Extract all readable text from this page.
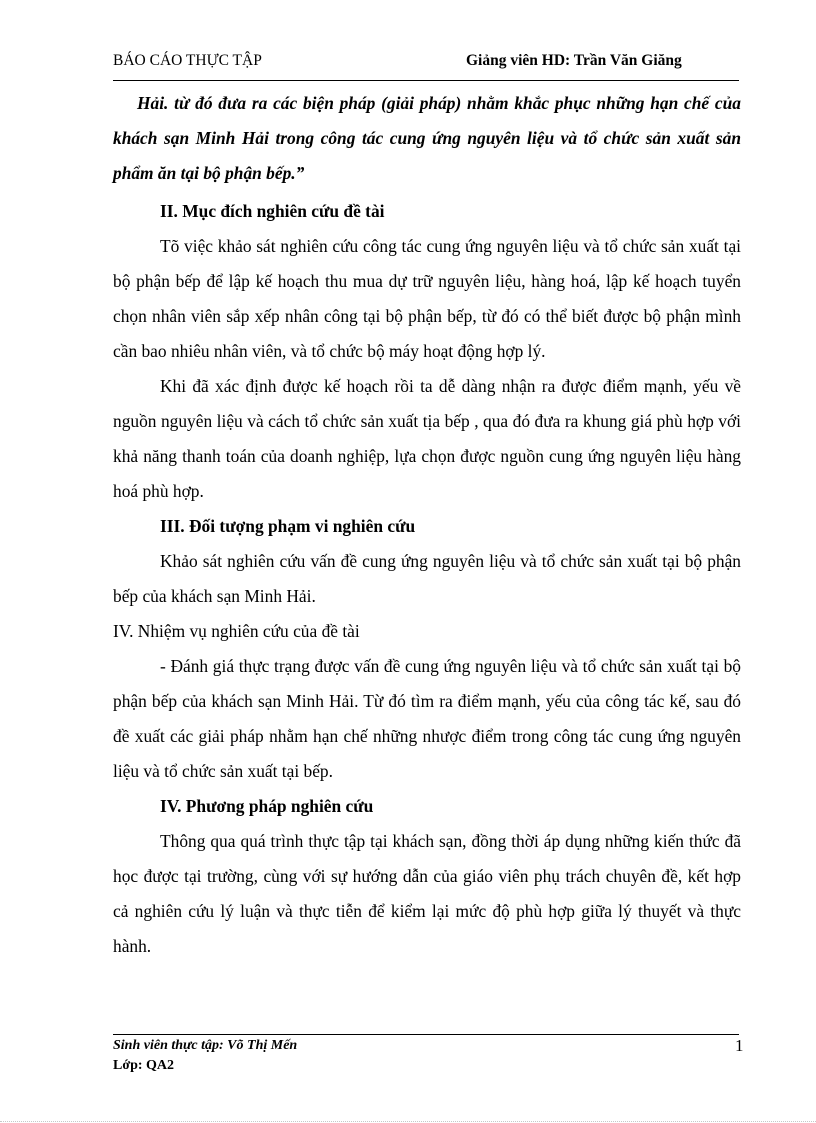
BÁO CÁO THỰC TẬP	Giảng viên HD: Trần Văn Giăng

Hải. từ đó đưa ra các biện pháp (giải pháp) nhằm khắc phục những hạn chế của khách sạn Minh Hải trong công tác cung ứng nguyên liệu và tổ chức sản xuất sản phẩm ăn tại bộ phận bếp.”

II. Mục đích nghiên cứu đề tài

Tõ việc khảo sát nghiên cứu công tác cung ứng nguyên liệu và tổ chức sản xuất tại bộ phận bếp để lập kế hoạch thu mua dự trữ nguyên liệu, hàng hoá, lập kế hoạch tuyển chọn nhân viên sắp xếp nhân công tại bộ phận bếp, từ đó có thể biết được bộ phận mình cần bao nhiêu nhân viên, và tổ chức bộ máy hoạt động hợp lý.

Khi đã xác định được kế hoạch rồi ta dễ dàng nhận ra được điểm mạnh, yếu về nguồn nguyên liệu và cách tổ chức sản xuất tịa bếp , qua đó đưa ra khung giá phù hợp với khả năng thanh toán của doanh nghiệp, lựa chọn được nguồn cung ứng nguyên liệu hàng hoá phù hợp.

III. Đối tượng phạm vi nghiên cứu

Khảo sát nghiên cứu vấn đề cung ứng nguyên liệu và tổ chức sản xuất tại bộ phận bếp của khách sạn Minh Hải.

IV. Nhiệm vụ nghiên cứu của đề tài

- Đánh giá thực trạng được vấn đề cung ứng nguyên liệu và tổ chức sản xuất tại bộ phận bếp của khách sạn Minh Hải. Từ đó tìm ra điểm mạnh, yếu của công tác kế, sau đó đề xuất các giải pháp nhằm hạn chế những nhược điểm trong công tác cung ứng nguyên liệu và tổ chức sản xuất tại bếp.

IV. Phương pháp nghiên cứu

Thông qua quá trình thực tập tại khách sạn, đồng thời áp dụng những kiến thức đã học được tại trường, cùng với sự hướng dẫn của giáo viên phụ trách chuyên đề, kết hợp cả nghiên cứu lý luận và thực tiễn để kiểm lại mức độ phù hợp giữa lý thuyết và thực hành.

Sinh viên thực tập: Võ Thị Mến
Lớp: QA2
1
